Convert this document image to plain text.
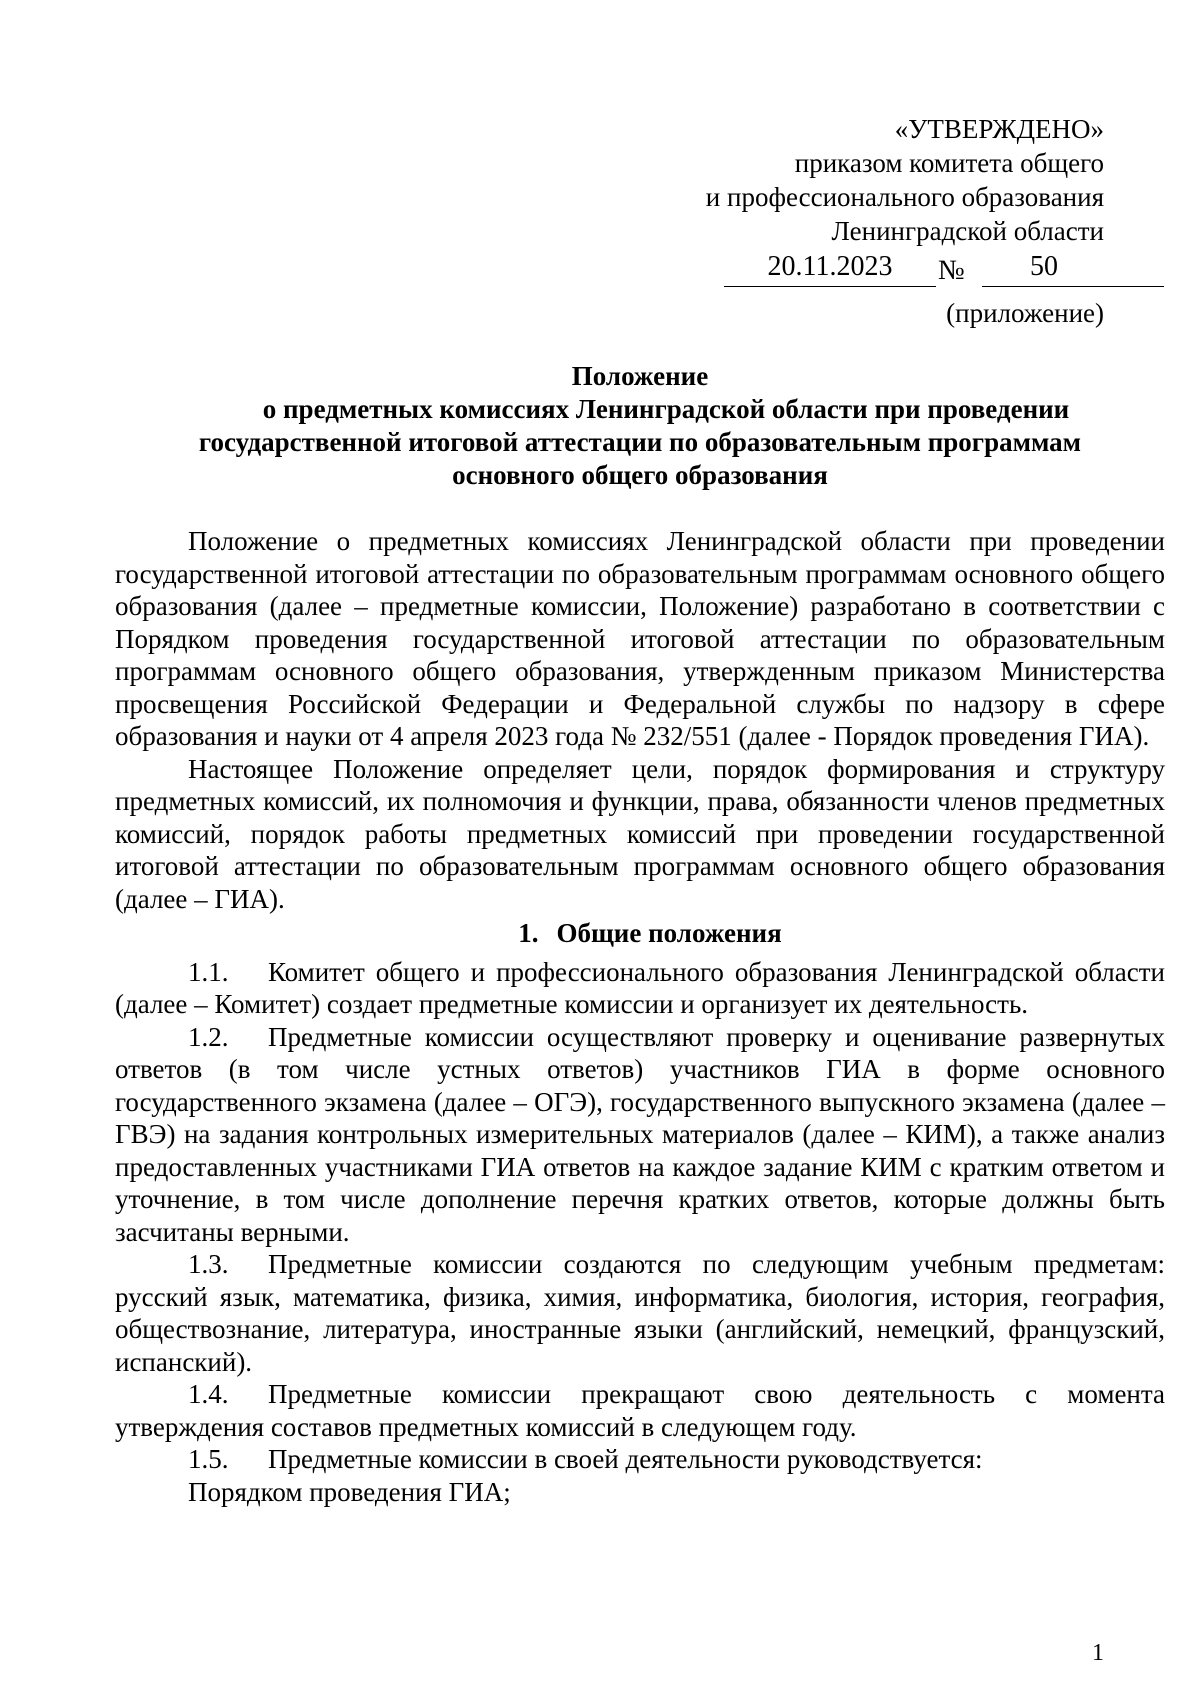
«УТВЕРЖДЕНО»
приказом комитета общего
и профессионального образования
Ленинградской области
20.11.2023	№ 50
(приложение)
Положение
о предметных комиссиях Ленинградской области при проведении
государственной итоговой аттестации по образовательным программам
основного общего образования

Положение о предметных комиссиях Ленинградской области при проведении государственной итоговой аттестации по образовательным программам основного общего образования (далее – предметные комиссии, Положение) разработано в соответствии с Порядком проведения государственной итоговой аттестации по образовательным программам основного общего образования, утвержденным приказом Министерства просвещения Российской Федерации и Федеральной службы по надзору в сфере образования и науки от 4 апреля 2023 года № 232/551 (далее - Порядок проведения ГИА).

Настоящее Положение определяет цели, порядок формирования и структуру предметных комиссий, их полномочия и функции, права, обязанности членов предметных комиссий, порядок работы предметных комиссий при проведении государственной итоговой аттестации по образовательным программам основного общего образования (далее – ГИА).

1. Общие положения

1.1. Комитет общего и профессионального образования Ленинградской области (далее – Комитет) создает предметные комиссии и организует их деятельность.

1.2. Предметные комиссии осуществляют проверку и оценивание развернутых ответов (в том числе устных ответов) участников ГИА в форме основного государственного экзамена (далее – ОГЭ), государственного выпускного экзамена (далее – ГВЭ) на задания контрольных измерительных материалов (далее – КИМ), а также анализ предоставленных участниками ГИА ответов на каждое задание КИМ с кратким ответом и уточнение, в том числе дополнение перечня кратких ответов, которые должны быть засчитаны верными.

1.3. Предметные комиссии создаются по следующим учебным предметам: русский язык, математика, физика, химия, информатика, биология, история, география, обществознание, литература, иностранные языки (английский, немецкий, французский, испанский).

1.4. Предметные комиссии прекращают свою деятельность с момента утверждения составов предметных комиссий в следующем году.

1.5. Предметные комиссии в своей деятельности руководствуется:

Порядком проведения ГИА;

1
